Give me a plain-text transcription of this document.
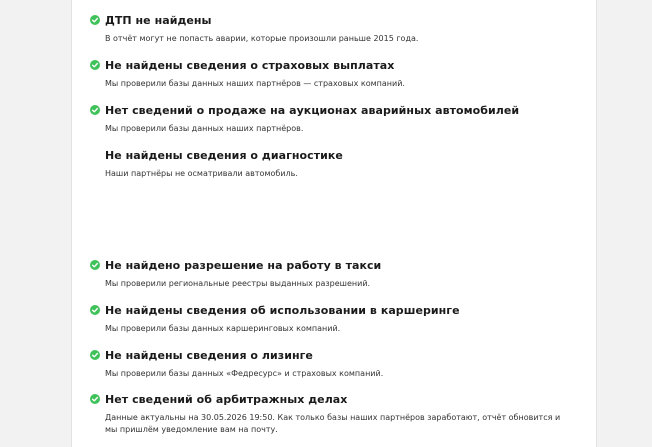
ДТП не найдены
В отчёт могут не попасть аварии, которые произошли раньше 2015 года.
Не найдены сведения о страховых выплатах
Мы проверили базы данных наших партнёров — страховых компаний.
Нет сведений о продаже на аукционах аварийных автомобилей
Мы проверили базы данных наших партнёров.
Не найдены сведения о диагностике
Наши партнёры не осматривали автомобиль.
Не найдено разрешение на работу в такси
Мы проверили региональные реестры выданных разрешений.
Не найдены сведения об использовании в каршеринге
Мы проверили базы данных каршеринговых компаний.
Не найдены сведения о лизинге
Мы проверили базы данных «Федресурс» и страховых компаний.
Нет сведений об арбитражных делах
Данные актуальны на 30.05.2026 19:50. Как только базы наших партнёров заработают, отчёт обновится и мы пришлём уведомление вам на почту.
